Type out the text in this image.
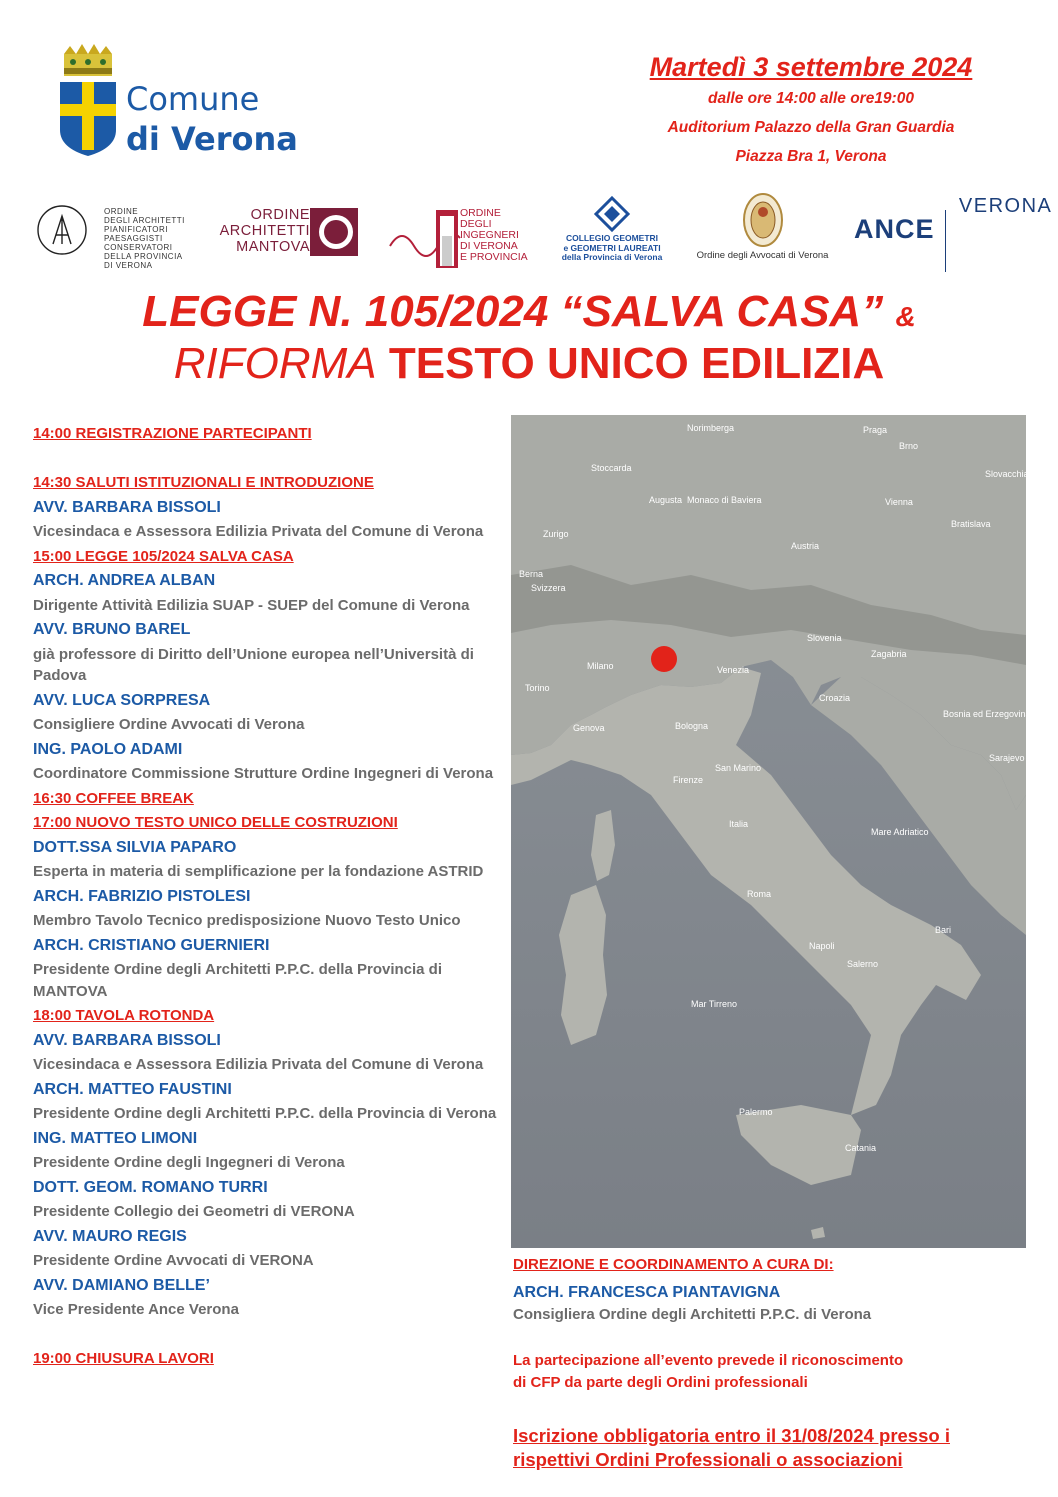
Comune
di Verona
Martedì 3 settembre 2024
dalle ore 14:00 alle ore19:00
Auditorium Palazzo della Gran Guardia
Piazza Bra 1, Verona
ORDINE
DEGLI ARCHITETTI
PIANIFICATORI
PAESAGGISTI
CONSERVATORI
DELLA PROVINCIA
DI VERONA
ORDINE
ARCHITETTI
MANTOVA
ORDINE DEGLI
INGEGNERI
DI VERONA
E PROVINCIA
COLLEGIO GEOMETRI
e GEOMETRI LAUREATI
della Provincia di Verona	Ordine degli Avvocati di Verona
ANCE  VERONA
LEGGE N. 105/2024 “SALVA CASA” &
RIFORMA TESTO UNICO EDILIZIA
14:00 REGISTRAZIONE PARTECIPANTI
14:30 SALUTI ISTITUZIONALI E INTRODUZIONE
AVV. BARBARA BISSOLI
Vicesindaca e Assessora Edilizia Privata del Comune di Verona
15:00 LEGGE 105/2024 SALVA CASA
ARCH. ANDREA ALBAN
Dirigente Attività Edilizia SUAP - SUEP del Comune di Verona
AVV. BRUNO BAREL
già professore di Diritto dell’Unione europea nell’Università di Padova
AVV. LUCA SORPRESA
Consigliere Ordine Avvocati di Verona
ING. PAOLO ADAMI
Coordinatore Commissione Strutture Ordine Ingegneri di Verona
16:30 COFFEE BREAK
17:00 NUOVO TESTO UNICO DELLE COSTRUZIONI
DOTT.SSA SILVIA PAPARO
Esperta in materia di semplificazione per la fondazione ASTRID
ARCH. FABRIZIO PISTOLESI
Membro Tavolo Tecnico predisposizione Nuovo Testo Unico
ARCH. CRISTIANO GUERNIERI
Presidente Ordine degli Architetti P.P.C. della Provincia di MANTOVA
18:00 TAVOLA ROTONDA
AVV. BARBARA BISSOLI
Vicesindaca e Assessora Edilizia Privata del Comune di Verona
ARCH. MATTEO FAUSTINI
Presidente Ordine degli Architetti P.P.C. della Provincia di Verona
ING. MATTEO LIMONI
Presidente Ordine degli Ingegneri di Verona
DOTT. GEOM. ROMANO TURRI
Presidente Collegio dei Geometri di VERONA
AVV. MAURO REGIS
Presidente Ordine Avvocati di VERONA
AVV. DAMIANO BELLE’
Vice Presidente Ance Verona
19:00 CHIUSURA LAVORI
Norimberga	Praga
Stoccarda
Brno
Augusta Monaco di Baviera	Vienna
Bratislava
Slovacchia
Zurigo
Austria
Berna
Svizzera
Slovenia
Zagabria
Milano	Venezia
Torino
Croazia
Genova	Bologna
Bosnia ed Erzegovina
San Marino
Firenze
Sarajevo
Italia
Mare Adriatico
Roma
Napoli
Bari
Salerno
Mar Tirreno
Palermo
Catania
Malta
DIREZIONE E COORDINAMENTO A CURA DI:
ARCH. FRANCESCA PIANTAVIGNA
Consigliera Ordine degli Architetti P.P.C. di Verona
La partecipazione all’evento prevede il riconoscimento
di CFP da parte degli Ordini professionali
Iscrizione obbligatoria entro il 31/08/2024 presso i
rispettivi Ordini Professionali o associazioni
